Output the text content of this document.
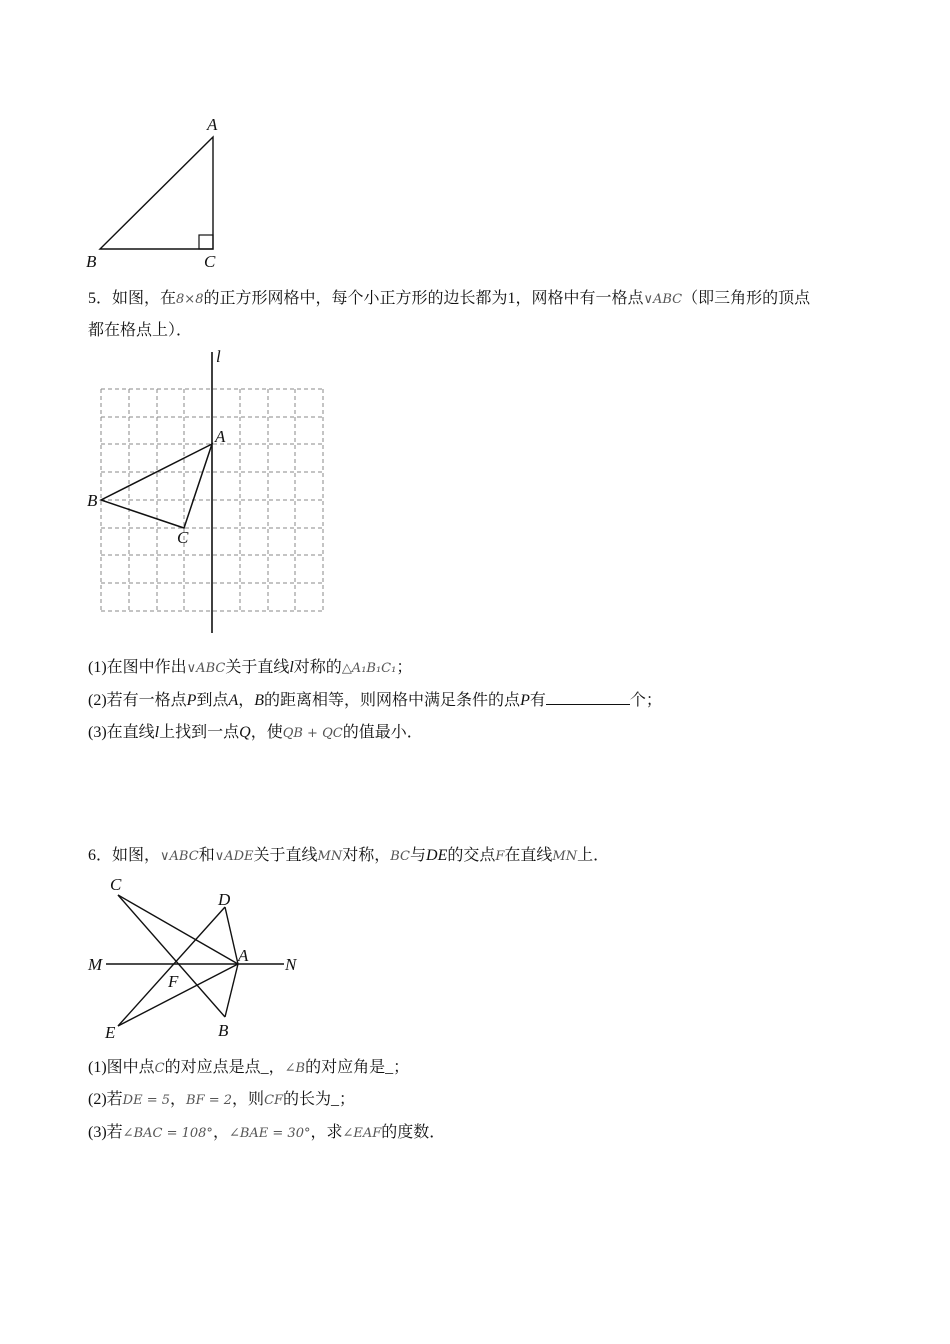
A
B	C
5．如图，在8×8的正方形网格中，每个小正方形的边长都为1，网格中有一格点∨ABC（即三角形的顶点
都在格点上）．
l
A
B
C
(1)在图中作出∨ABC关于直线l对称的△A₁B₁C₁；
(2)若有一格点P到点A，B的距离相等，则网格中满足条件的点P有	个；
(3)在直线l上找到一点Q，使QB + QC的值最小．
6．如图，∨ABC和∨ADE关于直线MN对称，BC与DE的交点F在直线MN上．
C
D
M	A N
F
E	B
(1)图中点C的对应点是点_，∠B的对应角是_；
(2)若DE = 5，BF = 2，则CF的长为_；
(3)若∠BAC = 108°，∠BAE = 30°，求∠EAF的度数．
